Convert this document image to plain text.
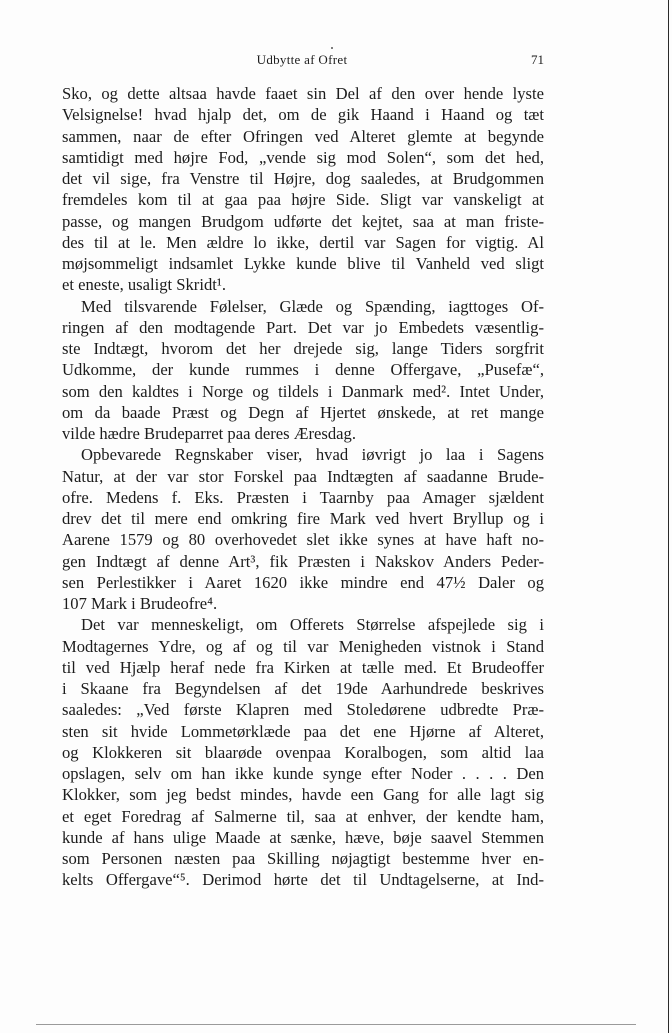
Udbytte af Ofret	71
Sko, og dette altsaa havde faaet sin Del af den over hende lyste
Velsignelse! hvad hjalp det, om de gik Haand i Haand og tæt
sammen, naar de efter Ofringen ved Alteret glemte at begynde
samtidigt med højre Fod, „vende sig mod Solen“, som det hed,
det vil sige, fra Venstre til Højre, dog saaledes, at Brudgommen
fremdeles kom til at gaa paa højre Side. Sligt var vanskeligt at
passe, og mangen Brudgom udførte det kejtet, saa at man friste-
des til at le. Men ældre lo ikke, dertil var Sagen for vigtig. Al
møjsommeligt indsamlet Lykke kunde blive til Vanheld ved sligt
et eneste, usaligt Skridt¹.
Med tilsvarende Følelser, Glæde og Spænding, iagttoges Of-
ringen af den modtagende Part. Det var jo Embedets væsentlig-
ste Indtægt, hvorom det her drejede sig, lange Tiders sorgfrit
Udkomme, der kunde rummes i denne Offergave, „Pusefæ“,
som den kaldtes i Norge og tildels i Danmark med². Intet Under,
om da baade Præst og Degn af Hjertet ønskede, at ret mange
vilde hædre Brudeparret paa deres Æresdag.
Opbevarede Regnskaber viser, hvad iøvrigt jo laa i Sagens
Natur, at der var stor Forskel paa Indtægten af saadanne Brude-
ofre. Medens f. Eks. Præsten i Taarnby paa Amager sjældent
drev det til mere end omkring fire Mark ved hvert Bryllup og i
Aarene 1579 og 80 overhovedet slet ikke synes at have haft no-
gen Indtægt af denne Art³, fik Præsten i Nakskov Anders Peder-
sen Perlestikker i Aaret 1620 ikke mindre end 47½ Daler og
107 Mark i Brudeofre⁴.
Det var menneskeligt, om Offerets Størrelse afspejlede sig i
Modtagernes Ydre, og af og til var Menigheden vistnok i Stand
til ved Hjælp heraf nede fra Kirken at tælle med. Et Brudeoffer
i Skaane fra Begyndelsen af det 19de Aarhundrede beskrives
saaledes: „Ved første Klapren med Stoledørene udbredte Præ-
sten sit hvide Lommetørklæde paa det ene Hjørne af Alteret,
og Klokkeren sit blaarøde ovenpaa Koralbogen, som altid laa
opslagen, selv om han ikke kunde synge efter Noder . . . . Den
Klokker, som jeg bedst mindes, havde een Gang for alle lagt sig
et eget Foredrag af Salmerne til, saa at enhver, der kendte ham,
kunde af hans ulige Maade at sænke, hæve, bøje saavel Stemmen
som Personen næsten paa Skilling nøjagtigt bestemme hver en-
kelts Offergave“⁵. Derimod hørte det til Undtagelserne, at Ind-
